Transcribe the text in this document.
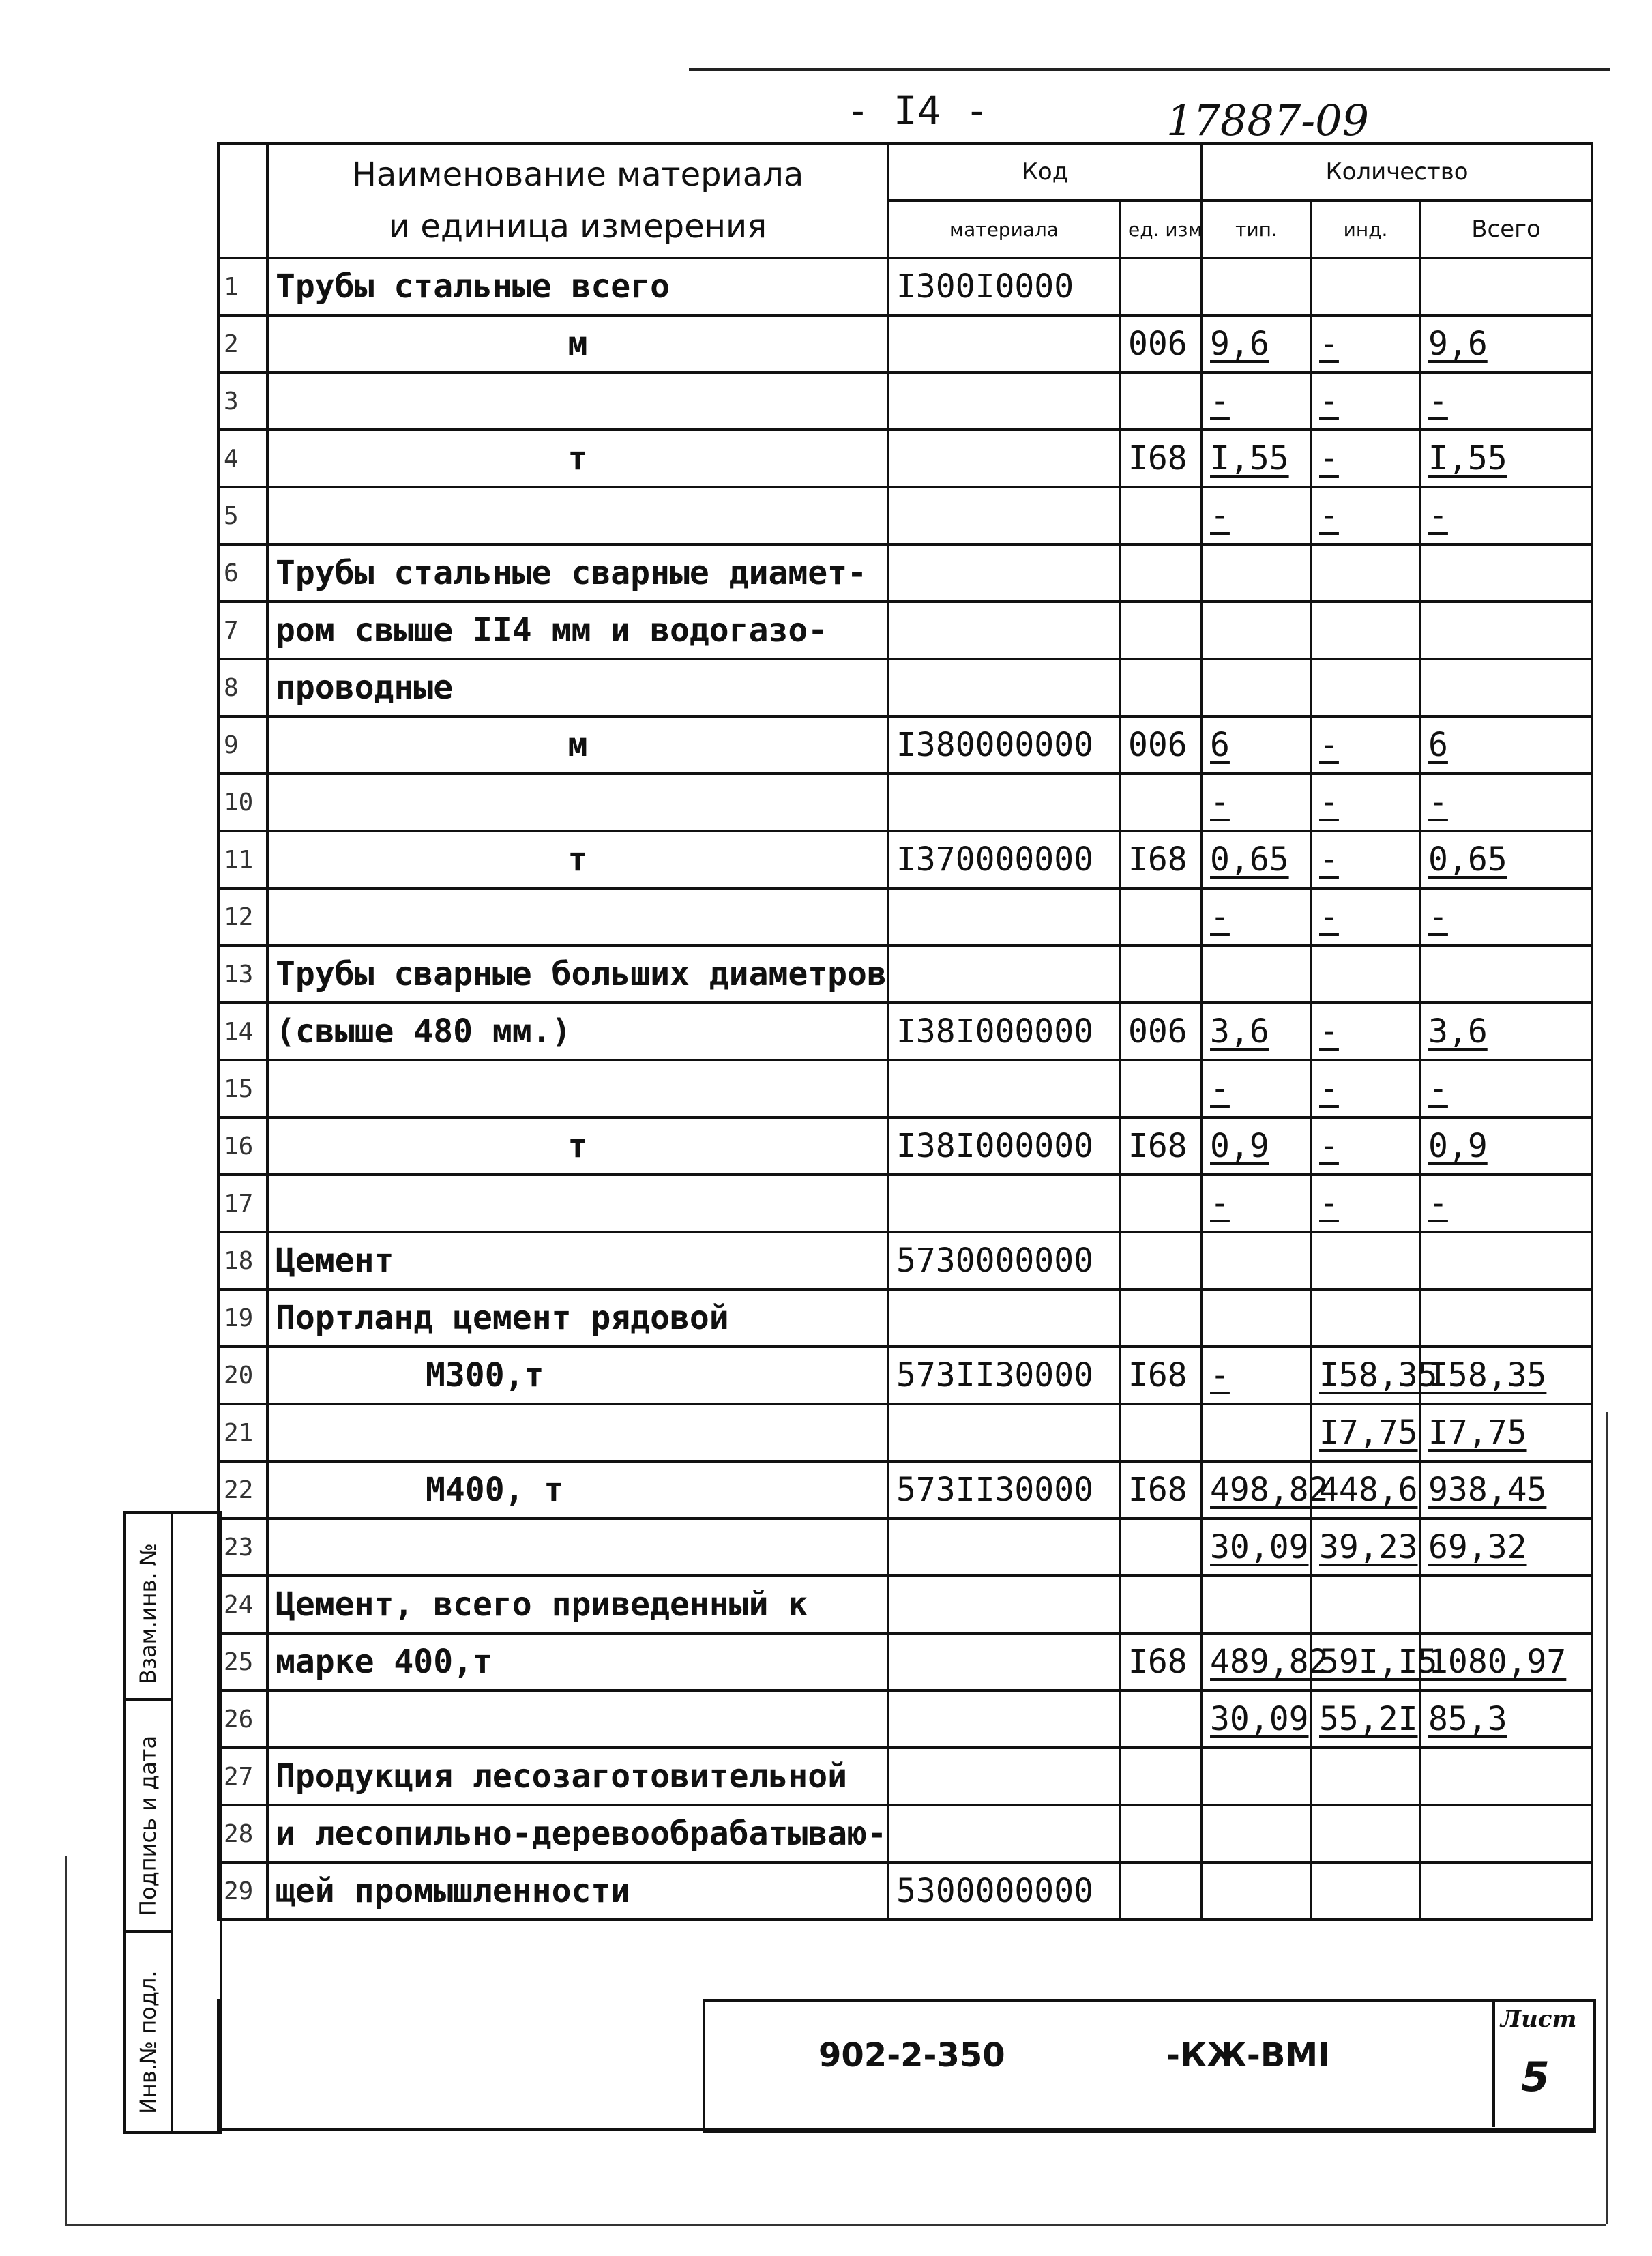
- I4 -	17887-09

	Наименование материала
и единица измерения	Код		Количество		
		материала	ед. изм	тип.	инд.	Всего
1	Трубы стальные всего	I300I0000				
2	м		006	9,6	-	9,6
3				-	-	-
4	т		I68	I,55	-	I,55
5				-	-	-
6	Трубы стальные сварные диамет-					
7	ром свыше II4 мм и водогазо-					
8	проводные					
9	м	I380000000	006	6	-	6
10				-	-	-
11	т	I370000000	I68	0,65	-	0,65
12				-	-	-
13	Трубы сварные больших диаметров					
14	(свыше 480 мм.)	I38I000000	006	3,6	-	3,6
15				-	-	-
16	т	I38I000000	I68	0,9	-	0,9
17				-	-	-
18	Цемент	5730000000				
19	Портланд цемент рядовой					
20	М300,т	573II30000	I68	-	I58,35	I58,35
21					I7,75	I7,75
22	М400, т	573II30000	I68	498,82	448,6	938,45
23				30,09	39,23	69,32
24	Цемент, всего приведенный к					
25	марке 400,т		I68	489,82	59I,I5	1080,97
26				30,09	55,2I	85,3
27	Продукция лесозаготовительной					
28	и лесопильно-деревообрабатываю-					
29	щей промышленности	5300000000				
Взам.инв. №
Подпись и дата
Инв.№ подл.	902-2-350	-КЖ-ВМI
Лист
5
